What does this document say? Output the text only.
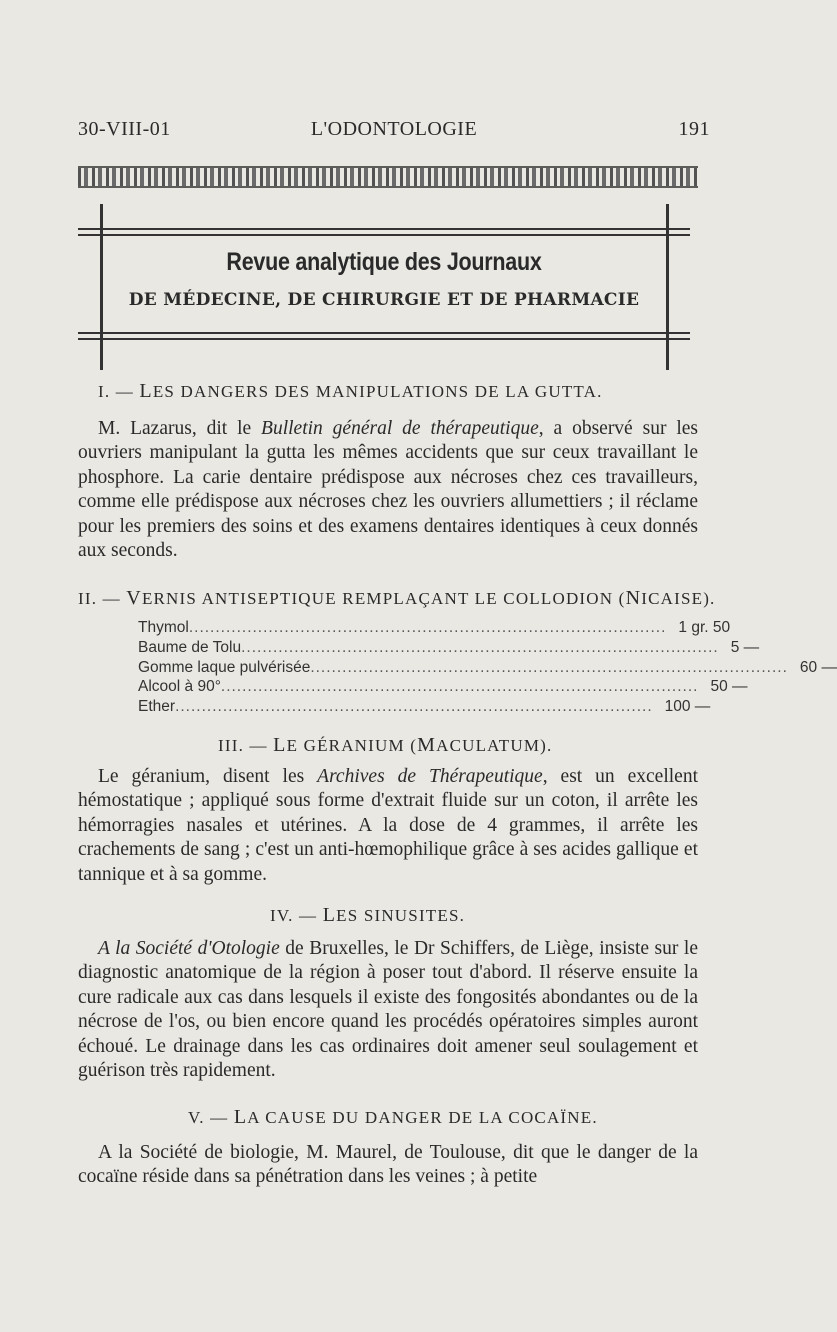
30-VIII-01	L'ODONTOLOGIE	191
Revue analytique des Journaux
DE MÉDECINE, DE CHIRURGIE ET DE PHARMACIE
I. — LES DANGERS DES MANIPULATIONS DE LA GUTTA.

M. Lazarus, dit le Bulletin général de thérapeutique, a observé sur les ouvriers manipulant la gutta les mêmes accidents que sur ceux travaillant le phosphore. La carie dentaire prédispose aux nécroses chez ces travailleurs, comme elle prédispose aux nécroses chez les ouvriers allumettiers ; il réclame pour les premiers des soins et des examens dentaires identiques à ceux donnés aux seconds.

II. — VERNIS ANTISEPTIQUE REMPLAÇANT LE COLLODION (NICAISE).
Thymol .......................................................................................... 1 gr. 50
Baume de Tolu .......................................................................................... 5 —
Gomme laque pulvérisée .......................................................................................... 60 —
Alcool à 90° .......................................................................................... 50 —
Ether .......................................................................................... 100 —
III. — LE GÉRANIUM (MACULATUM).

Le géranium, disent les Archives de Thérapeutique, est un excellent hémostatique ; appliqué sous forme d'extrait fluide sur un coton, il arrête les hémorragies nasales et utérines. A la dose de 4 grammes, il arrête les crachements de sang ; c'est un anti-hœmophilique grâce à ses acides gallique et tannique et à sa gomme.

IV. — LES SINUSITES.

A la Société d'Otologie de Bruxelles, le Dr Schiffers, de Liège, insiste sur le diagnostic anatomique de la région à poser tout d'abord. Il réserve ensuite la cure radicale aux cas dans lesquels il existe des fongosités abondantes ou de la nécrose de l'os, ou bien encore quand les procédés opératoires simples auront échoué. Le drainage dans les cas ordinaires doit amener seul soulagement et guérison très rapidement.

V. — LA CAUSE DU DANGER DE LA COCAÏNE.

A la Société de biologie, M. Maurel, de Toulouse, dit que le danger de la cocaïne réside dans sa pénétration dans les veines ; à petite
